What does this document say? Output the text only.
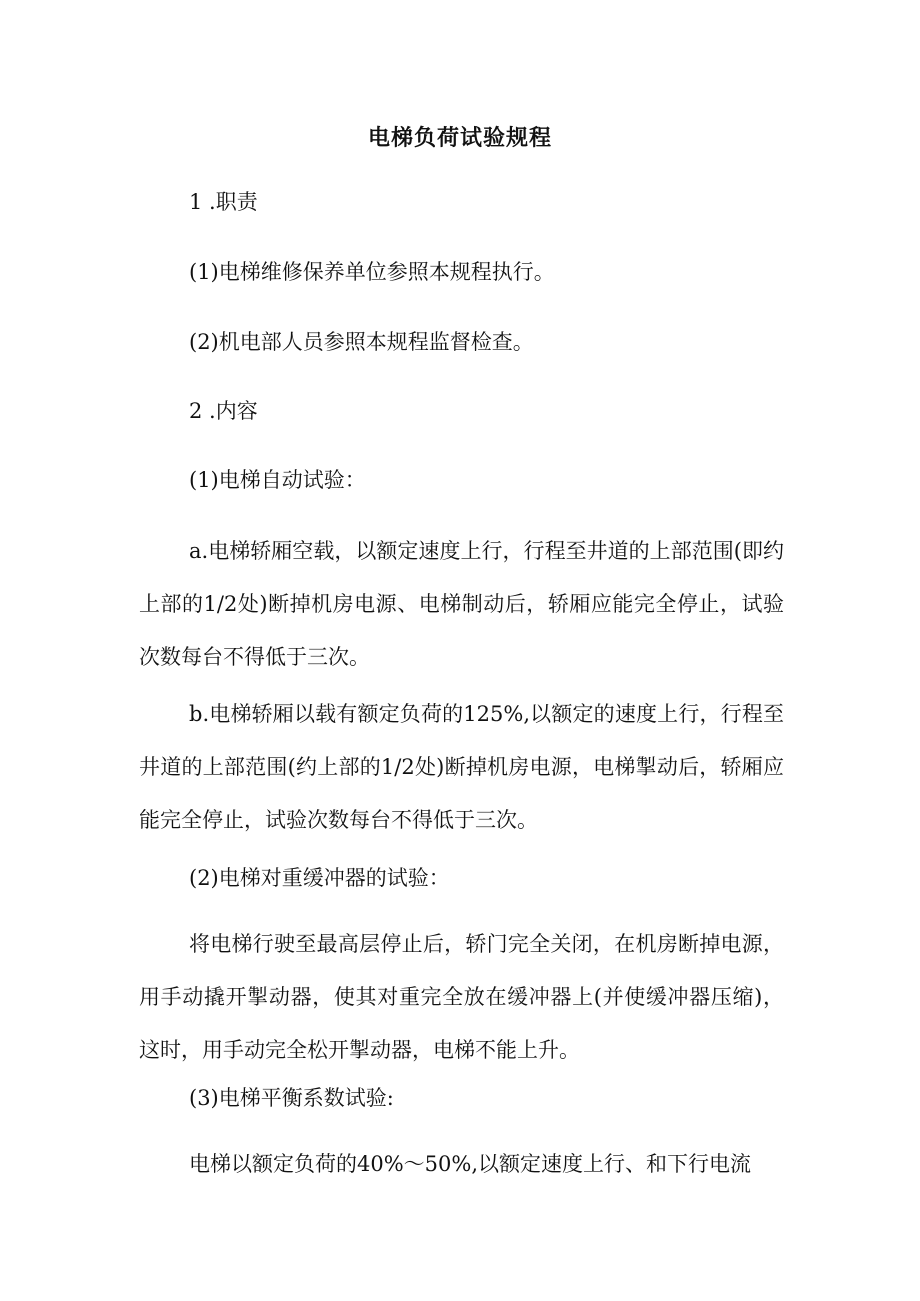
电梯负荷试验规程

1 .职责

(1)电梯维修保养单位参照本规程执行。

(2)机电部人员参照本规程监督检查。

2 .内容

(1)电梯自动试验：

a.电梯轿厢空载，以额定速度上行，行程至井道的上部范围(即约上部的1/2处)断掉机房电源、电梯制动后，轿厢应能完全停止，试验次数每台不得低于三次。

b.电梯轿厢以载有额定负荷的125%,以额定的速度上行，行程至井道的上部范围(约上部的1/2处)断掉机房电源，电梯掣动后，轿厢应能完全停止，试验次数每台不得低于三次。

(2)电梯对重缓冲器的试验：

将电梯行驶至最高层停止后，轿门完全关闭，在机房断掉电源，用手动撬开掣动器，使其对重完全放在缓冲器上(并使缓冲器压缩)，这时，用手动完全松开掣动器，电梯不能上升。

(3)电梯平衡系数试验:

电梯以额定负荷的40%～50%,以额定速度上行、和下行电流
